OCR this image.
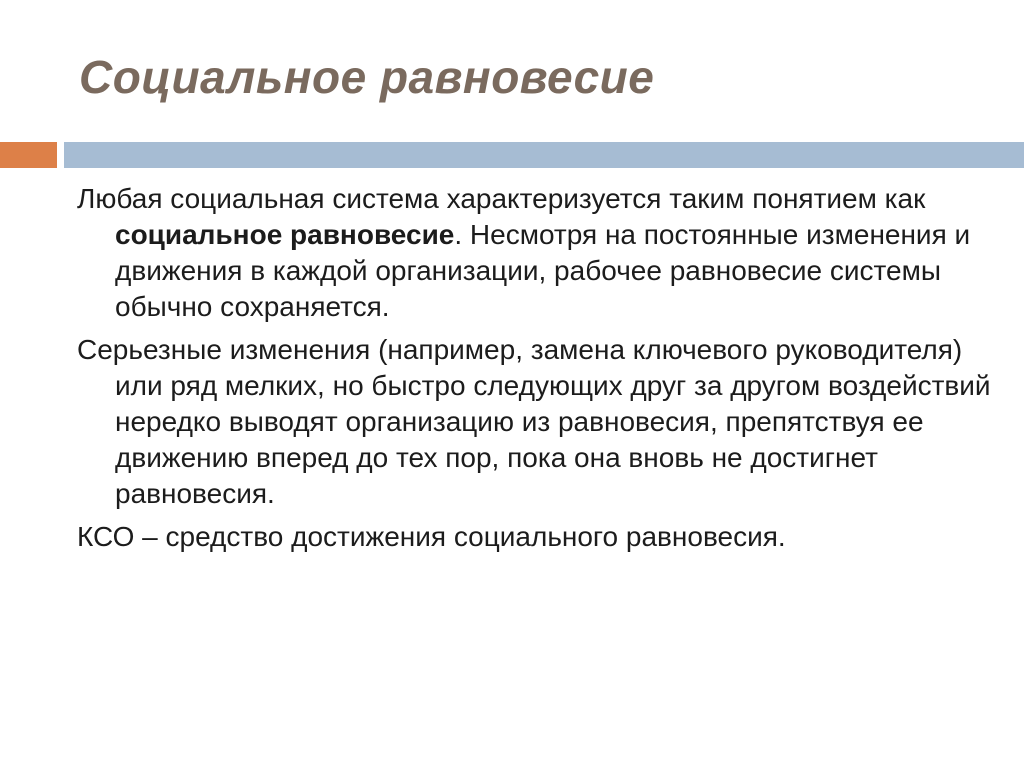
Социальное равновесие

Любая социальная система характеризуется таким понятием как социальное равновесие. Несмотря на постоянные изменения и движения в каждой организации, рабочее равновесие системы обычно сохраняется.

Серьезные изменения (например, замена ключевого руководителя) или ряд мелких, но быстро следующих друг за другом воздействий нередко выводят организацию из равновесия, препятствуя ее движению вперед до тех пор, пока она вновь не достигнет равновесия.

КСО – средство достижения социального равновесия.
